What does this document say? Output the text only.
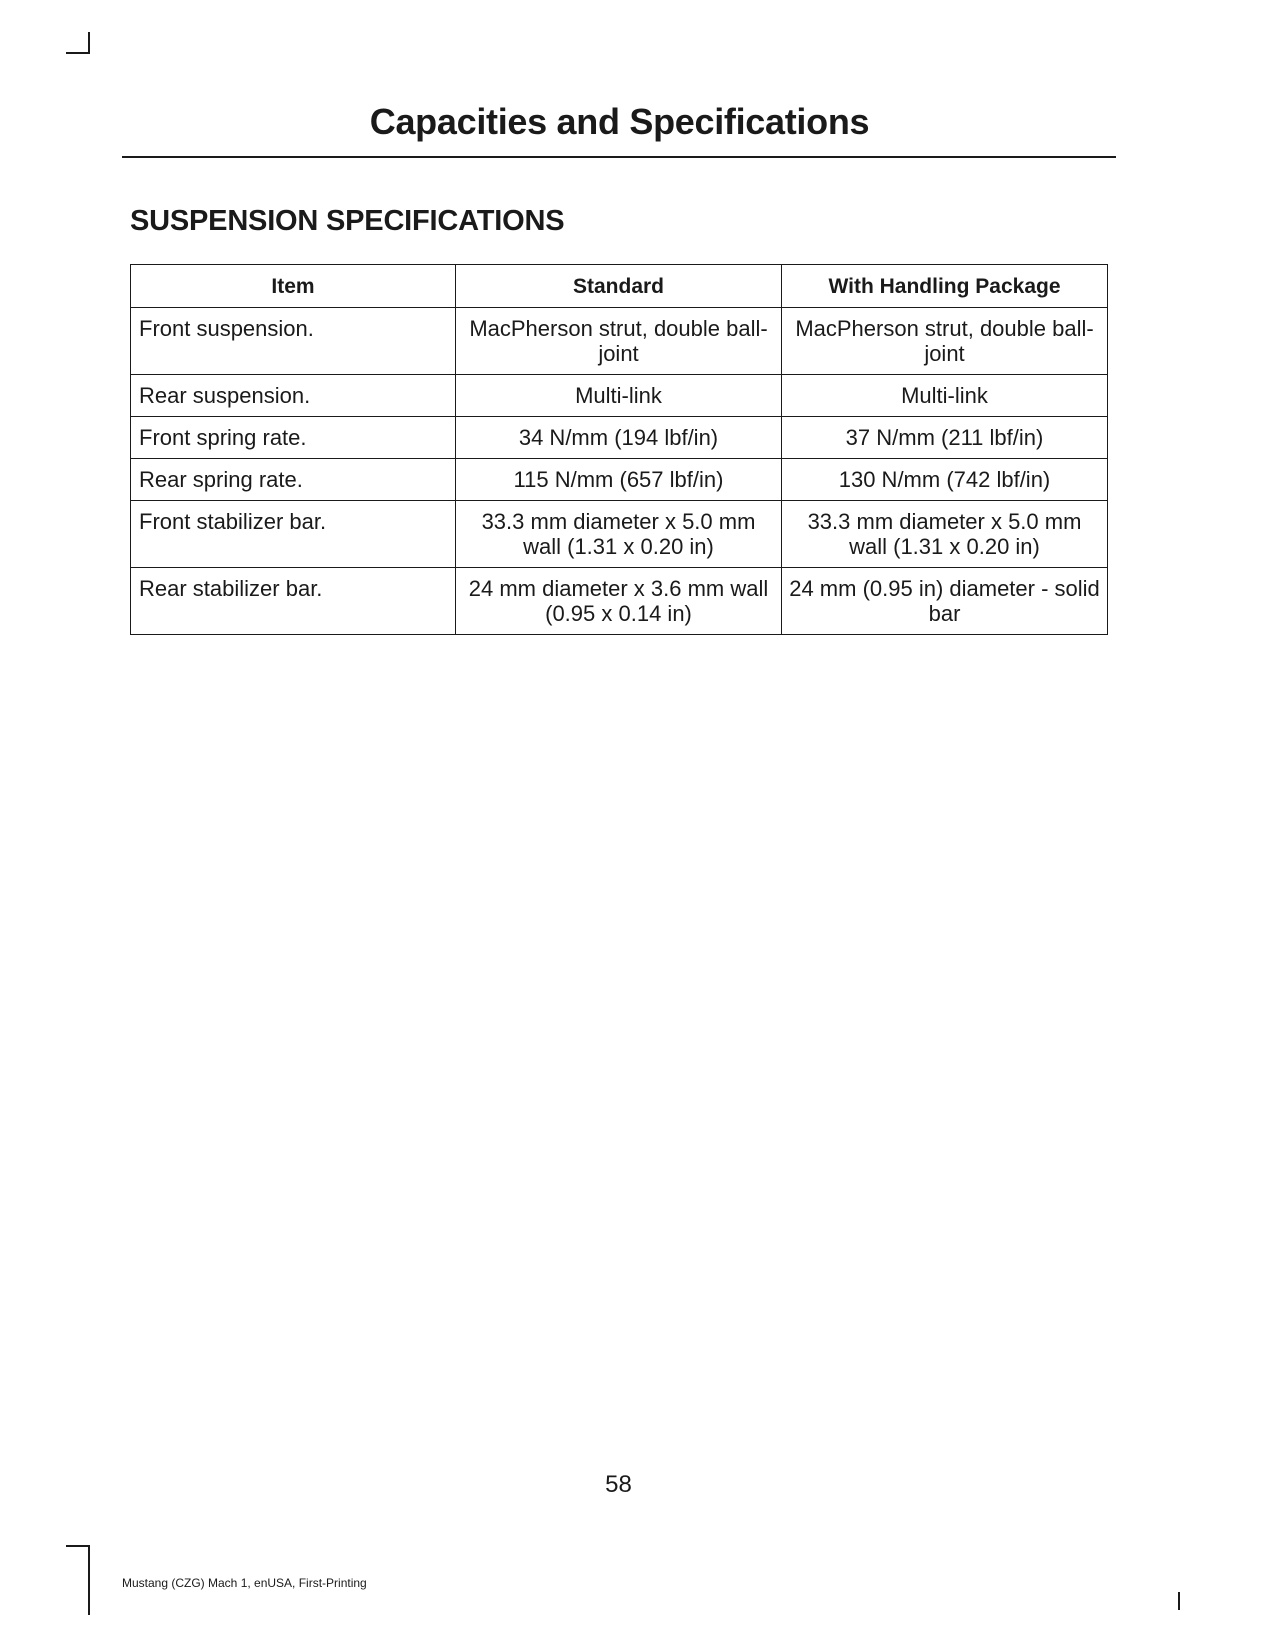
Capacities and Specifications
SUSPENSION SPECIFICATIONS
Item	Standard	With Handling Package
Front suspension.	MacPherson strut, double ball-joint	MacPherson strut, double ball-joint
Rear suspension.	Multi-link	Multi-link
Front spring rate.	34 N/mm (194 lbf/in)	37 N/mm (211 lbf/in)
Rear spring rate.	115 N/mm (657 lbf/in)	130 N/mm (742 lbf/in)
Front stabilizer bar.	33.3 mm diameter x 5.0 mm wall (1.31 x 0.20 in)	33.3 mm diameter x 5.0 mm wall (1.31 x 0.20 in)
Rear stabilizer bar.	24 mm diameter x 3.6 mm wall (0.95 x 0.14 in)	24 mm (0.95 in) diameter - solid bar
58
Mustang (CZG) Mach 1, enUSA, First-Printing
